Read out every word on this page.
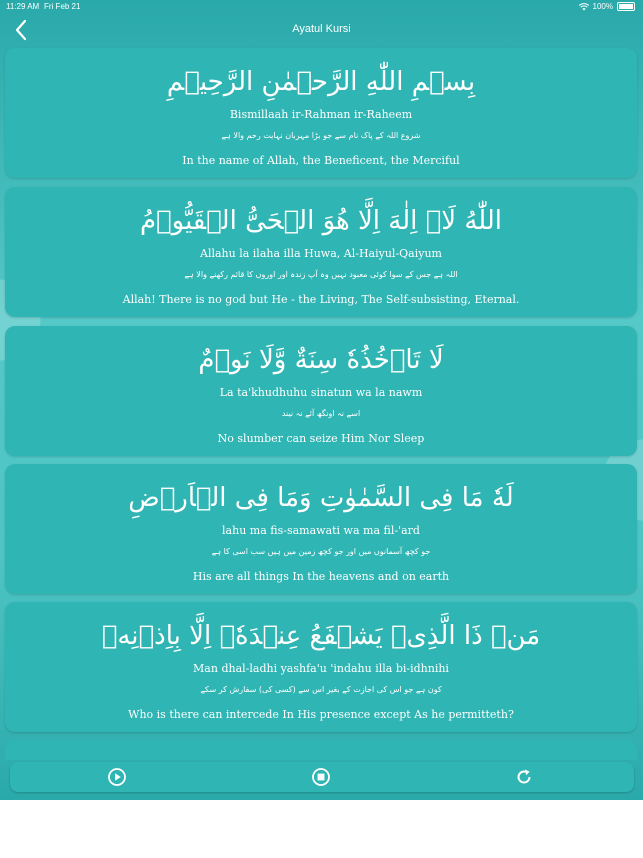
11:29 AM Fri Feb 21	100%
Ayatul Kursi
بِسۡمِ اللّٰهِ الرَّحۡمٰنِ الرَّحِيۡمِ
Bismillaah ir-Rahman ir-Raheem
شروع اللہ کے پاک نام سے جو بڑا مہربان نہایت رحم والا ہے
In the name of Allah, the Beneficent, the Merciful
اللّٰهُ لَاۤ اِلٰهَ اِلَّا هُوَ الۡحَىُّ الۡقَيُّوۡمُ
Allahu la ilaha illa Huwa, Al-Haiyul-Qaiyum
اللہ ہے جس کے سوا کوئی معبود نہیں وہ آپ زندہ اور اوروں کا قائم رکھنے والا ہے
Allah! There is no god but He - the Living, The Self-subsisting, Eternal.
لَا تَاۡخُذُهٗ سِنَةٌ وَّلَا نَوۡمٌ
La ta'khudhuhu sinatun wa la nawm
اسے نہ اونگھ آئے نہ نیند
No slumber can seize Him Nor Sleep
لَهٗ مَا فِى السَّمٰوٰتِ وَمَا فِى الۡاَرۡضِ
lahu ma fis-samawati wa ma fil-'ard
جو کچھ آسمانوں میں اور جو کچھ زمین میں ہیں سب اسی کا ہے
His are all things In the heavens and on earth
مَنۡ ذَا الَّذِىۡ يَشۡفَعُ عِنۡدَهٗۤ اِلَّا بِاِذۡنِهٖ
Man dhal-ladhi yashfa'u 'indahu illa bi-idhnihi
کون ہے جو اس کی اجازت کے بغیر اس سے (کسی کی) سفارش کر سکے
Who is there can intercede In His presence except As he permitteth?
